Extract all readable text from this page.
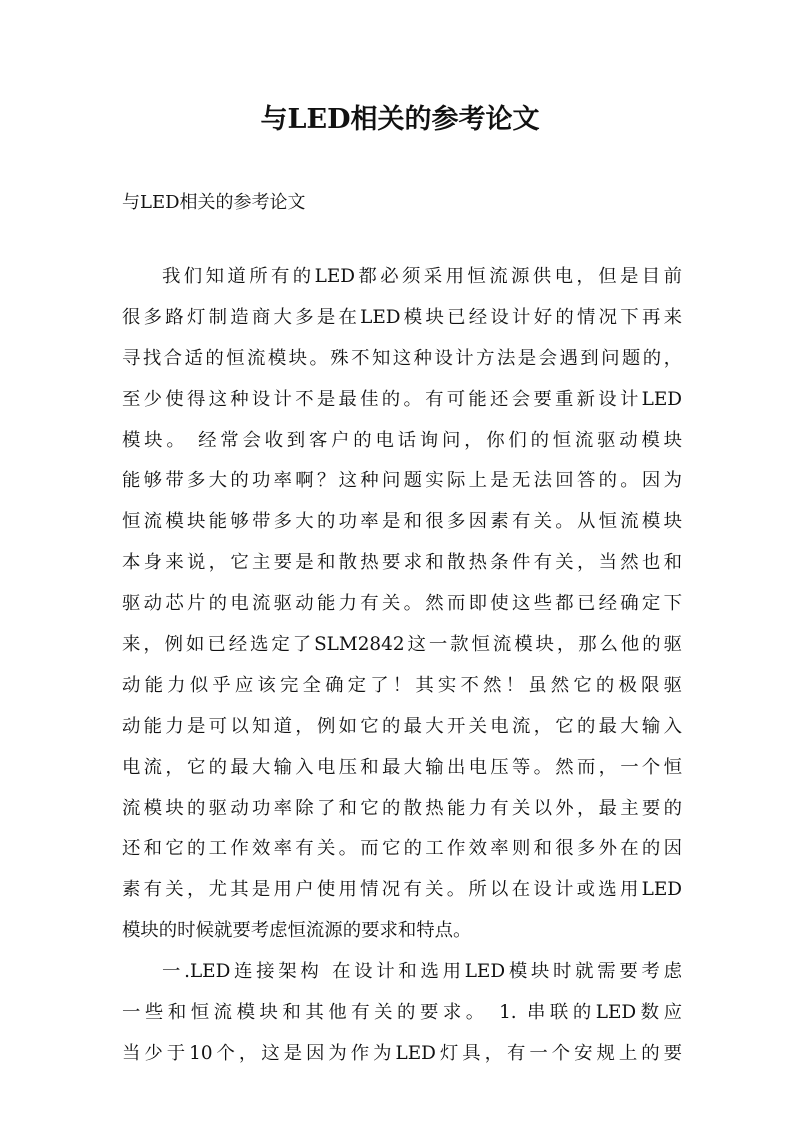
与LED相关的参考论文

与LED相关的参考论文

我们知道所有的LED都必须采用恒流源供电，但是目前
很多路灯制造商大多是在LED模块已经设计好的情况下再来
寻找合适的恒流模块。殊不知这种设计方法是会遇到问题的，
至少使得这种设计不是最佳的。有可能还会要重新设计LED
模块。 经常会收到客户的电话询问，你们的恒流驱动模块
能够带多大的功率啊？这种问题实际上是无法回答的。因为
恒流模块能够带多大的功率是和很多因素有关。从恒流模块
本身来说，它主要是和散热要求和散热条件有关，当然也和
驱动芯片的电流驱动能力有关。然而即使这些都已经确定下
来，例如已经选定了SLM2842这一款恒流模块，那么他的驱
动能力似乎应该完全确定了！其实不然！虽然它的极限驱
动能力是可以知道，例如它的最大开关电流，它的最大输入
电流，它的最大输入电压和最大输出电压等。然而，一个恒
流模块的驱动功率除了和它的散热能力有关以外，最主要的
还和它的工作效率有关。而它的工作效率则和很多外在的因
素有关，尤其是用户使用情况有关。所以在设计或选用LED
模块的时候就要考虑恒流源的要求和特点。
一.LED连接架构 在设计和选用LED模块时就需要考虑
一些和恒流模块和其他有关的要求。 1. 串联的LED数应
当少于10个，这是因为作为LED灯具，有一个安规上的要
